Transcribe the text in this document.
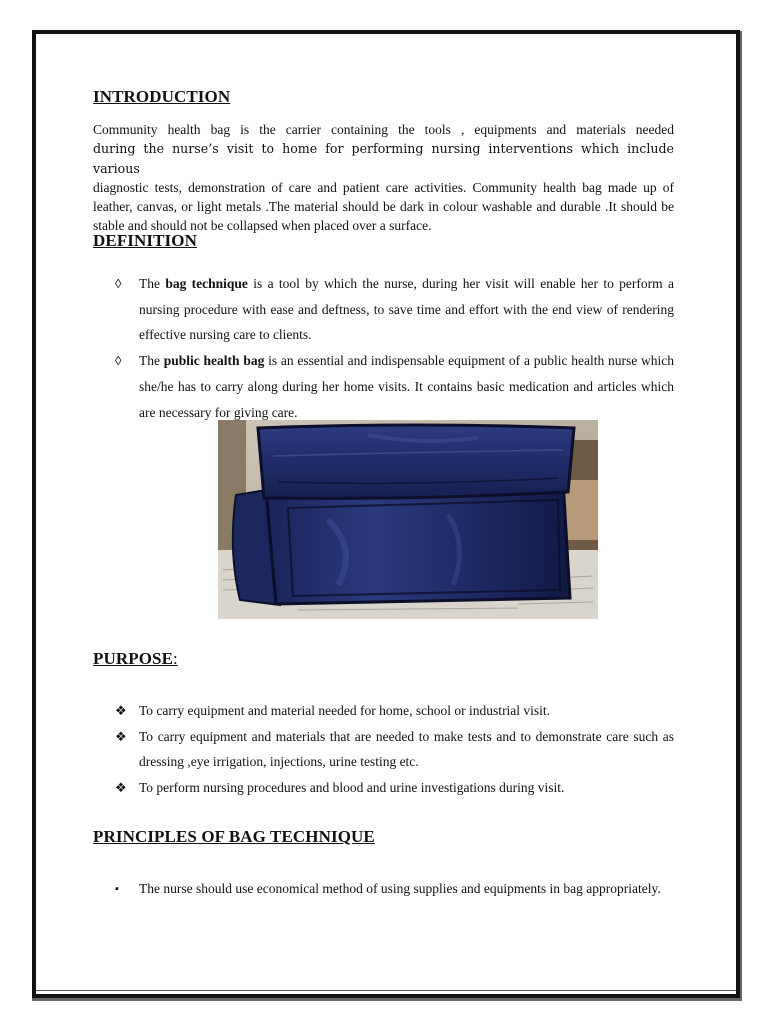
INTRODUCTION

Community health bag is the carrier containing the tools , equipments and materials needed
during the nurse’s visit to home for performing nursing interventions which include various
diagnostic tests, demonstration of care and patient care activities. Community health bag made up of leather, canvas, or light metals .The material should be dark in colour washable and durable .It should be stable and should not be collapsed when placed over a surface.

DEFINITION
◊ The bag technique is a tool by which the nurse, during her visit will enable her to perform a nursing procedure with ease and deftness, to save time and effort with the end view of rendering effective nursing care to clients.
◊ The public health bag is an essential and indispensable equipment of a public health nurse which she/he has to carry along during her home visits. It contains basic medication and articles which are necessary for giving care.
PURPOSE:
❖ To carry equipment and material needed for home, school or industrial visit.
❖ To carry equipment and materials that are needed to make tests and to demonstrate care such as dressing ,eye irrigation, injections, urine testing etc.
❖ To perform nursing procedures and blood and urine investigations during visit.
PRINCIPLES OF BAG TECHNIQUE
▪ The nurse should use economical method of using supplies and equipments in bag appropriately.
